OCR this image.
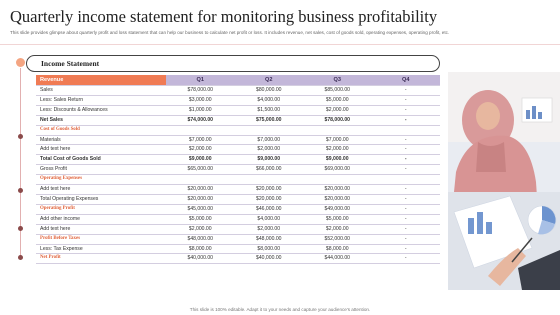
Quarterly income statement for monitoring business profitability
This slide provides glimpse about quarterly profit and loss statement that can help our business to calculate net profit or loss. It includes revenue, net sales, cost of goods sold, operating expenses, operating profit, etc.
Income Statement
Revenue	Q1	Q2	Q3	Q4
Sales	$78,000.00	$80,000.00	$85,000.00	-
Less: Sales Return	$3,000.00	$4,000.00	$5,000.00	-
Less: Discounts & Allowances	$1,000.00	$1,500.00	$2,000.00	-
Net Sales	$74,000.00	$75,000.00	$78,000.00	-
Cost of Goods Sold				
Materials	$7,000.00	$7,000.00	$7,000.00	-
Add text here	$2,000.00	$2,000.00	$2,000.00	-
Total Cost of Goods Sold	$9,000.00	$9,000.00	$9,000.00	-
Gross Profit	$65,000.00	$66,000.00	$69,000.00	-
Operating Expenses				
Add text here	$20,000.00	$20,000.00	$20,000.00	-
Total Operating Expenses	$20,000.00	$20,000.00	$20,000.00	-
Operating Profit	$45,000.00	$46,000.00	$49,000.00	-
Add other income	$5,000.00	$4,000.00	$5,000.00	-
Add text here	$2,000.00	$2,000.00	$2,000.00	-
Profit Before Taxes	$48,000.00	$48,000.00	$52,000.00	-
Less: Tax Expense	$8,000.00	$8,000.00	$8,000.00	-
Net Profit	$40,000.00	$40,000.00	$44,000.00	-
This slide is 100% editable. Adapt it to your needs and capture your audience's attention.
